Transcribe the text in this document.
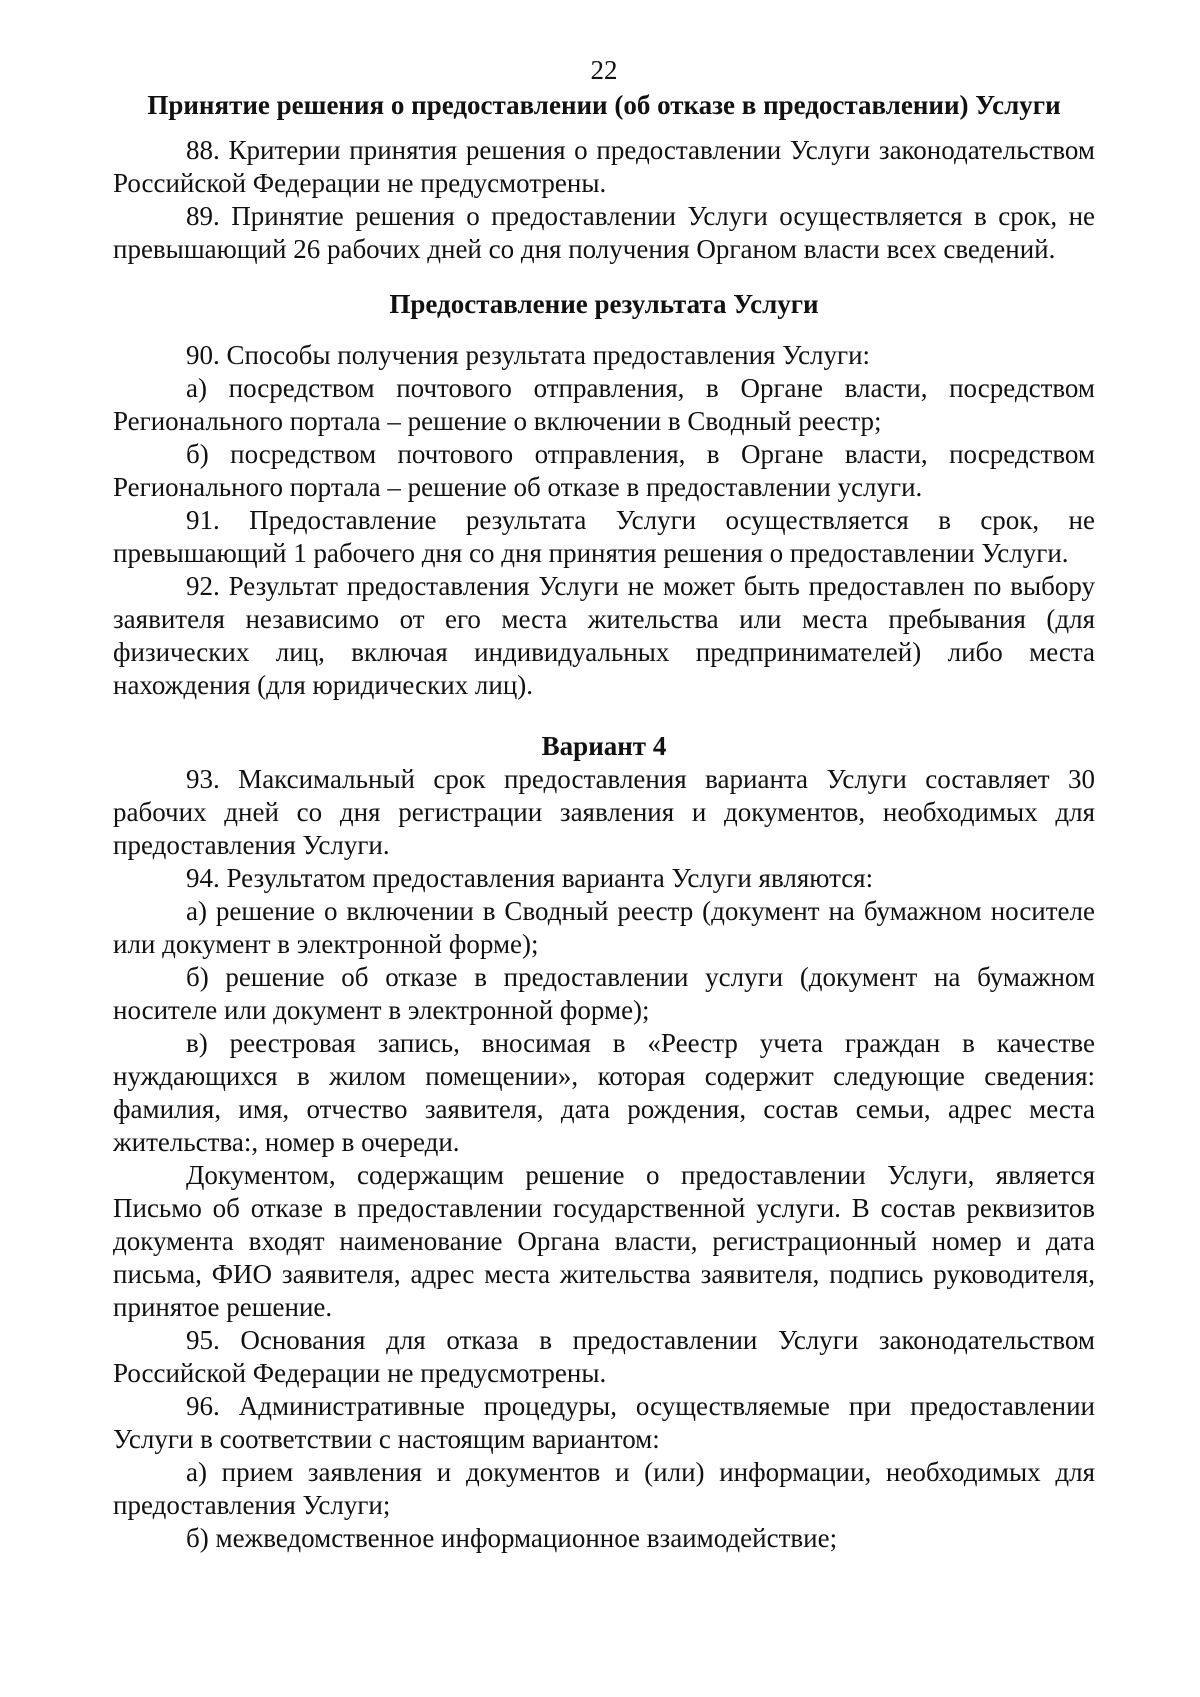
22
Принятие решения о предоставлении (об отказе в предоставлении) Услуги

88. Критерии принятия решения о предоставлении Услуги законодательством Российской Федерации не предусмотрены.

89. Принятие решения о предоставлении Услуги осуществляется в срок, не превышающий 26 рабочих дней со дня получения Органом власти всех сведений.

Предоставление результата Услуги

90. Способы получения результата предоставления Услуги:

а) посредством почтового отправления, в Органе власти, посредством Регионального портала – решение о включении в Сводный реестр;

б) посредством почтового отправления, в Органе власти, посредством Регионального портала – решение об отказе в предоставлении услуги.

91. Предоставление результата Услуги осуществляется в срок, не превышающий 1 рабочего дня со дня принятия решения о предоставлении Услуги.

92. Результат предоставления Услуги не может быть предоставлен по выбору заявителя независимо от его места жительства или места пребывания (для физических лиц, включая индивидуальных предпринимателей) либо места нахождения (для юридических лиц).

Вариант 4

93. Максимальный срок предоставления варианта Услуги составляет 30 рабочих дней со дня регистрации заявления и документов, необходимых для предоставления Услуги.

94. Результатом предоставления варианта Услуги являются:

а) решение о включении в Сводный реестр (документ на бумажном носителе или документ в электронной форме);

б) решение об отказе в предоставлении услуги (документ на бумажном носителе или документ в электронной форме);

в) реестровая запись, вносимая в «Реестр учета граждан в качестве нуждающихся в жилом помещении», которая содержит следующие сведения: фамилия, имя, отчество заявителя, дата рождения, состав семьи, адрес места жительства:, номер в очереди.

Документом, содержащим решение о предоставлении Услуги, является Письмо об отказе в предоставлении государственной услуги. В состав реквизитов документа входят наименование Органа власти, регистрационный номер и дата письма, ФИО заявителя, адрес места жительства заявителя, подпись руководителя, принятое решение.

95. Основания для отказа в предоставлении Услуги законодательством Российской Федерации не предусмотрены.

96. Административные процедуры, осуществляемые при предоставлении Услуги в соответствии с настоящим вариантом:

а) прием заявления и документов и (или) информации, необходимых для предоставления Услуги;

б) межведомственное информационное взаимодействие;
